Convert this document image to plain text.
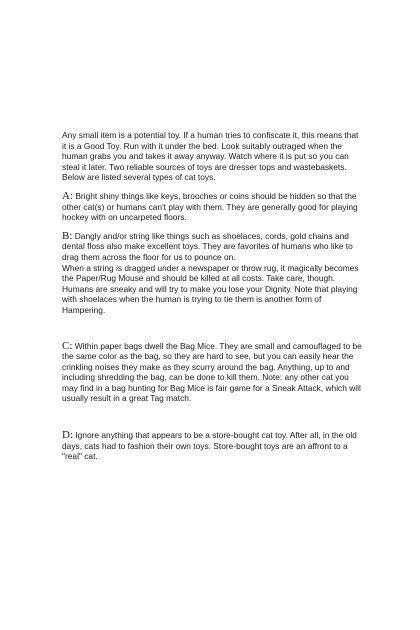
Any small item is a potential toy. If a human tries to confiscate it, this means that it is a Good Toy. Run with it under the bed. Look suitably outraged when the human grabs you and takes it away anyway. Watch where it is put so you can steal it later. Two reliable sources of toys are dresser tops and wastebaskets. Below are listed several types of cat toys.

A: Bright shiny things like keys, brooches or coins should be hidden so that the other cat(s) or humans can't play with them. They are generally good for playing hockey with on uncarpeted floors.

B: Dangly and/or string like things such as shoelaces, cords, gold chains and dental floss also make excellent toys. They are favorites of humans who like to drag them across the floor for us to pounce on.
When a string is dragged under a newspaper or throw rug, it magically becomes the Paper/Rug Mouse and should be killed at all costs. Take care, though. Humans are sneaky and will try to make you lose your Dignity. Note that playing with shoelaces when the human is trying to tie them is another form of
Hampering.

C: Within paper bags dwell the Bag Mice. They are small and camouflaged to be the same color as the bag, so they are hard to see, but you can easily hear the crinkling noises they make as they scurry around the bag. Anything, up to and including shredding the bag, can be done to kill them. Note: any other cat you may find in a bag hunting for Bag Mice is fair game for a Sneak Attack, which will usually result in a great Tag match.

D: Ignore anything that appears to be a store-bought cat toy. After all, in the old days, cats had to fashion their own toys. Store-bought toys are an affront to a "real" cat.
